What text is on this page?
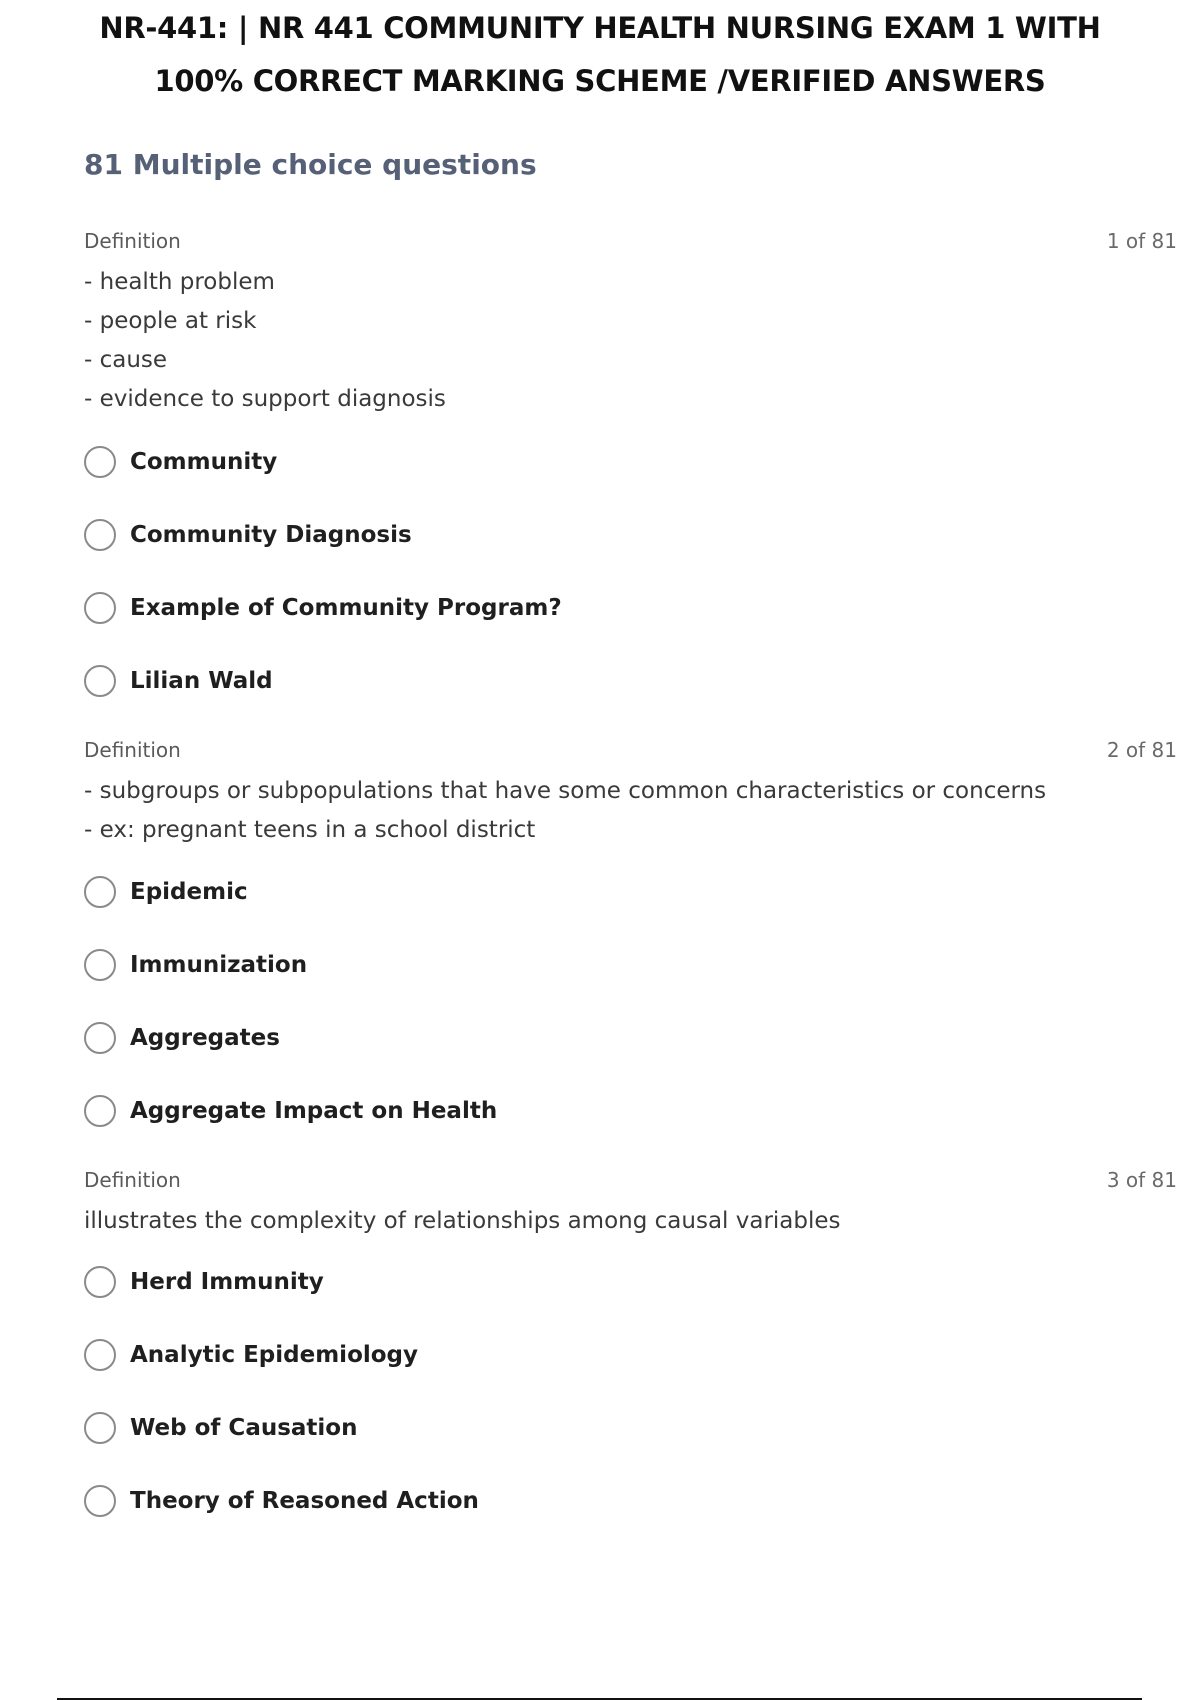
NR-441: | NR 441 COMMUNITY HEALTH NURSING EXAM 1 WITH
100% CORRECT MARKING SCHEME /VERIFIED ANSWERS
81 Multiple choice questions
Definition	1 of 81
- health problem
- people at risk
- cause
- evidence to support diagnosis
Community
Community Diagnosis
Example of Community Program?
Lilian Wald
Definition	2 of 81
- subgroups or subpopulations that have some common characteristics or concerns
- ex: pregnant teens in a school district
Epidemic
Immunization
Aggregates
Aggregate Impact on Health
Definition	3 of 81
illustrates the complexity of relationships among causal variables
Herd Immunity
Analytic Epidemiology
Web of Causation
Theory of Reasoned Action
